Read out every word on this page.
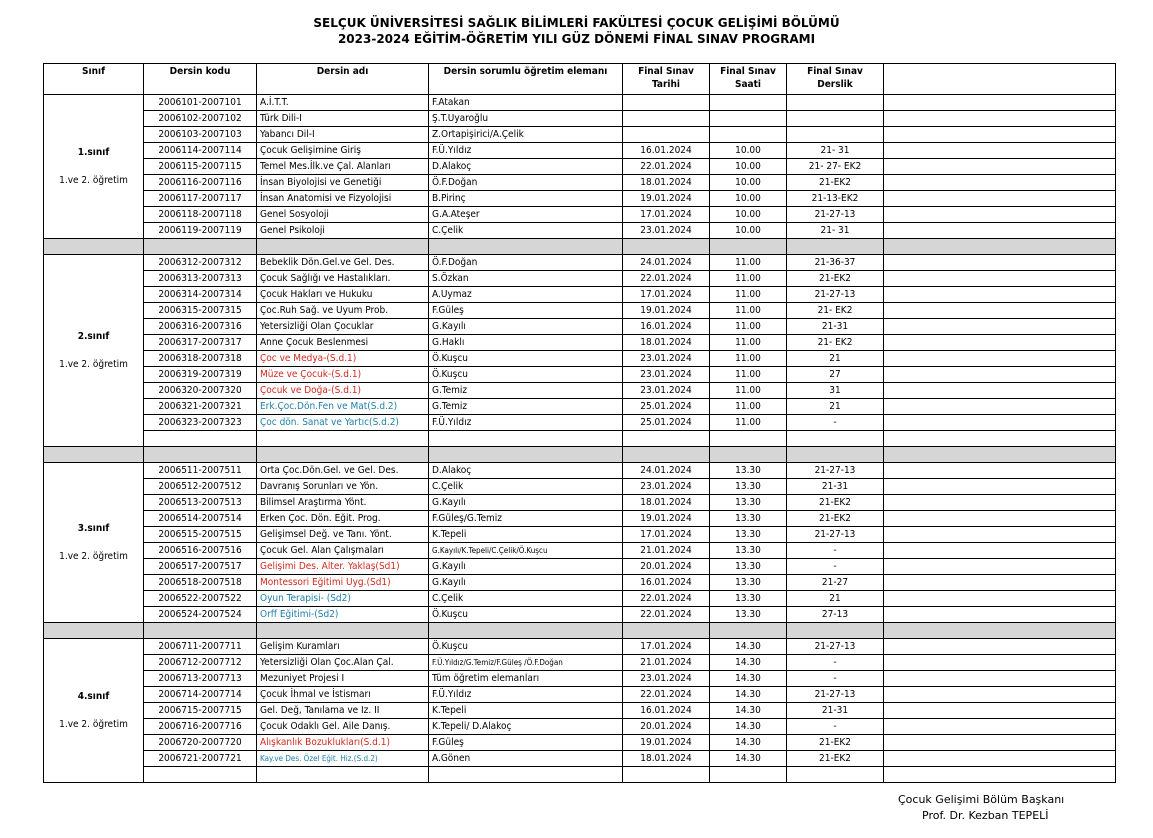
SELÇUK ÜNİVERSİTESİ SAĞLIK BİLİMLERİ FAKÜLTESİ ÇOCUK GELİŞİMİ BÖLÜMÜ
2023-2024 EĞİTİM-ÖĞRETİM YILI GÜZ DÖNEMİ FİNAL SINAV PROGRAMI
Sınıf	Dersin kodu	Dersin adı	Dersin sorumlu öğretim elemanı	Final Sınav Tarihi	Final Sınav Saati	Final Sınav Derslik	

1.sınıf
1.ve 2. öğretim	2006101-2007101	A.İ.T.T.	F.Atakan				
	2006102-2007102	Türk Dili-I	Ş.T.Uyaroğlu				
	2006103-2007103	Yabancı Dil-I	Z.Ortapişirici/A.Çelik				
	2006114-2007114	Çocuk Gelişimine Giriş	F.Ü.Yıldız	16.01.2024	10.00	21- 31	
	2006115-2007115	Temel Mes.İlk.ve Çal. Alanları	D.Alakoç	22.01.2024	10.00	21- 27- EK2	
	2006116-2007116	İnsan Biyolojisi ve Genetiği	Ö.F.Doğan	18.01.2024	10.00	21-EK2	
	2006117-2007117	İnsan Anatomisi ve Fizyolojisi	B.Pirinç	19.01.2024	10.00	21-13-EK2	
	2006118-2007118	Genel Sosyoloji	G.A.Ateşer	17.01.2024	10.00	21-27-13	
	2006119-2007119	Genel Psikoloji	C.Çelik	23.01.2024	10.00	21- 31	

2.sınıf
1.ve 2. öğretim	2006312-2007312	Bebeklik Dön.Gel.ve Gel. Des.	Ö.F.Doğan	24.01.2024	11.00	21-36-37	
	2006313-2007313	Çocuk Sağlığı ve Hastalıkları.	S.Özkan	22.01.2024	11.00	21-EK2	
	2006314-2007314	Çocuk Hakları ve Hukuku	A.Uymaz	17.01.2024	11.00	21-27-13	
	2006315-2007315	Çoc.Ruh Sağ. ve Uyum Prob.	F.Güleş	19.01.2024	11.00	21- EK2	
	2006316-2007316	Yetersizliği Olan Çocuklar	G.Kayılı	16.01.2024	11.00	21-31	
	2006317-2007317	Anne Çocuk Beslenmesi	G.Haklı	18.01.2024	11.00	21- EK2	
	2006318-2007318	Çoc ve Medya-(S.d.1)	Ö.Kuşcu	23.01.2024	11.00	21	
	2006319-2007319	Müze ve Çocuk-(S.d.1)	Ö.Kuşcu	23.01.2024	11.00	27	
	2006320-2007320	Çocuk ve Doğa-(S.d.1)	G.Temiz	23.01.2024	11.00	31	
	2006321-2007321	Erk.Çoc.Dön.Fen ve Mat(S.d.2)	G.Temiz	25.01.2024	11.00	21	
	2006323-2007323	Çoc dön. Sanat ve Yartıc(S.d.2)	F.Ü.Yıldız	25.01.2024	11.00	-	

3.sınıf
1.ve 2. öğretim	2006511-2007511	Orta Çoc.Dön.Gel. ve Gel. Des.	D.Alakoç	24.01.2024	13.30	21-27-13	
	2006512-2007512	Davranış Sorunları ve Yön.	C.Çelik	23.01.2024	13.30	21-31	
	2006513-2007513	Bilimsel Araştırma Yönt.	G.Kayılı	18.01.2024	13.30	21-EK2	
	2006514-2007514	Erken Çoc. Dön. Eğit. Prog.	F.Güleş/G.Temiz	19.01.2024	13.30	21-EK2	
	2006515-2007515	Gelişimsel Değ. ve Tanı. Yönt.	K.Tepeli	17.01.2024	13.30	21-27-13	
	2006516-2007516	Çocuk Gel. Alan Çalışmaları	G.Kayılı/K.Tepeli/C.Çelik/Ö.Kuşcu	21.01.2024	13.30	-	
	2006517-2007517	Gelişimi Des. Alter. Yaklaş(Sd1)	G.Kayılı	20.01.2024	13.30	-	
	2006518-2007518	Montessori Eğitimi Uyg.(Sd1)	G.Kayılı	16.01.2024	13.30	21-27	
	2006522-2007522	Oyun Terapisi- (Sd2)	C.Çelik	22.01.2024	13.30	21	
	2006524-2007524	Orff Eğitimi-(Sd2)	Ö.Kuşcu	22.01.2024	13.30	27-13	

4.sınıf
1.ve 2. öğretim	2006711-2007711	Gelişim Kuramları	Ö.Kuşcu	17.01.2024	14.30	21-27-13	
	2006712-2007712	Yetersizliği Olan Çoc.Alan Çal.	F.Ü.Yıldız/G.Temiz/F.Güleş /Ö.F.Doğan	21.01.2024	14.30	-	
	2006713-2007713	Mezuniyet Projesi I	Tüm öğretim elemanları	23.01.2024	14.30	-	
	2006714-2007714	Çocuk İhmal ve İstismarı	F.Ü.Yıldız	22.01.2024	14.30	21-27-13	
	2006715-2007715	Gel. Değ, Tanılama ve Iz. II	K.Tepeli	16.01.2024	14.30	21-31	
	2006716-2007716	Çocuk Odaklı Gel. Aile Danış.	K.Tepeli/ D.Alakoç	20.01.2024	14.30	-	
	2006720-2007720	Alışkanlık Bozuklukları(S.d.1)	F.Güleş	19.01.2024	14.30	21-EK2	
	2006721-2007721	Kay.ve Des. Özel Eğit. Hiz.(S.d.2)	A.Gönen	18.01.2024	14.30	21-EK2	

Çocuk Gelişimi Bölüm Başkanı
Prof. Dr. Kezban TEPELİ
